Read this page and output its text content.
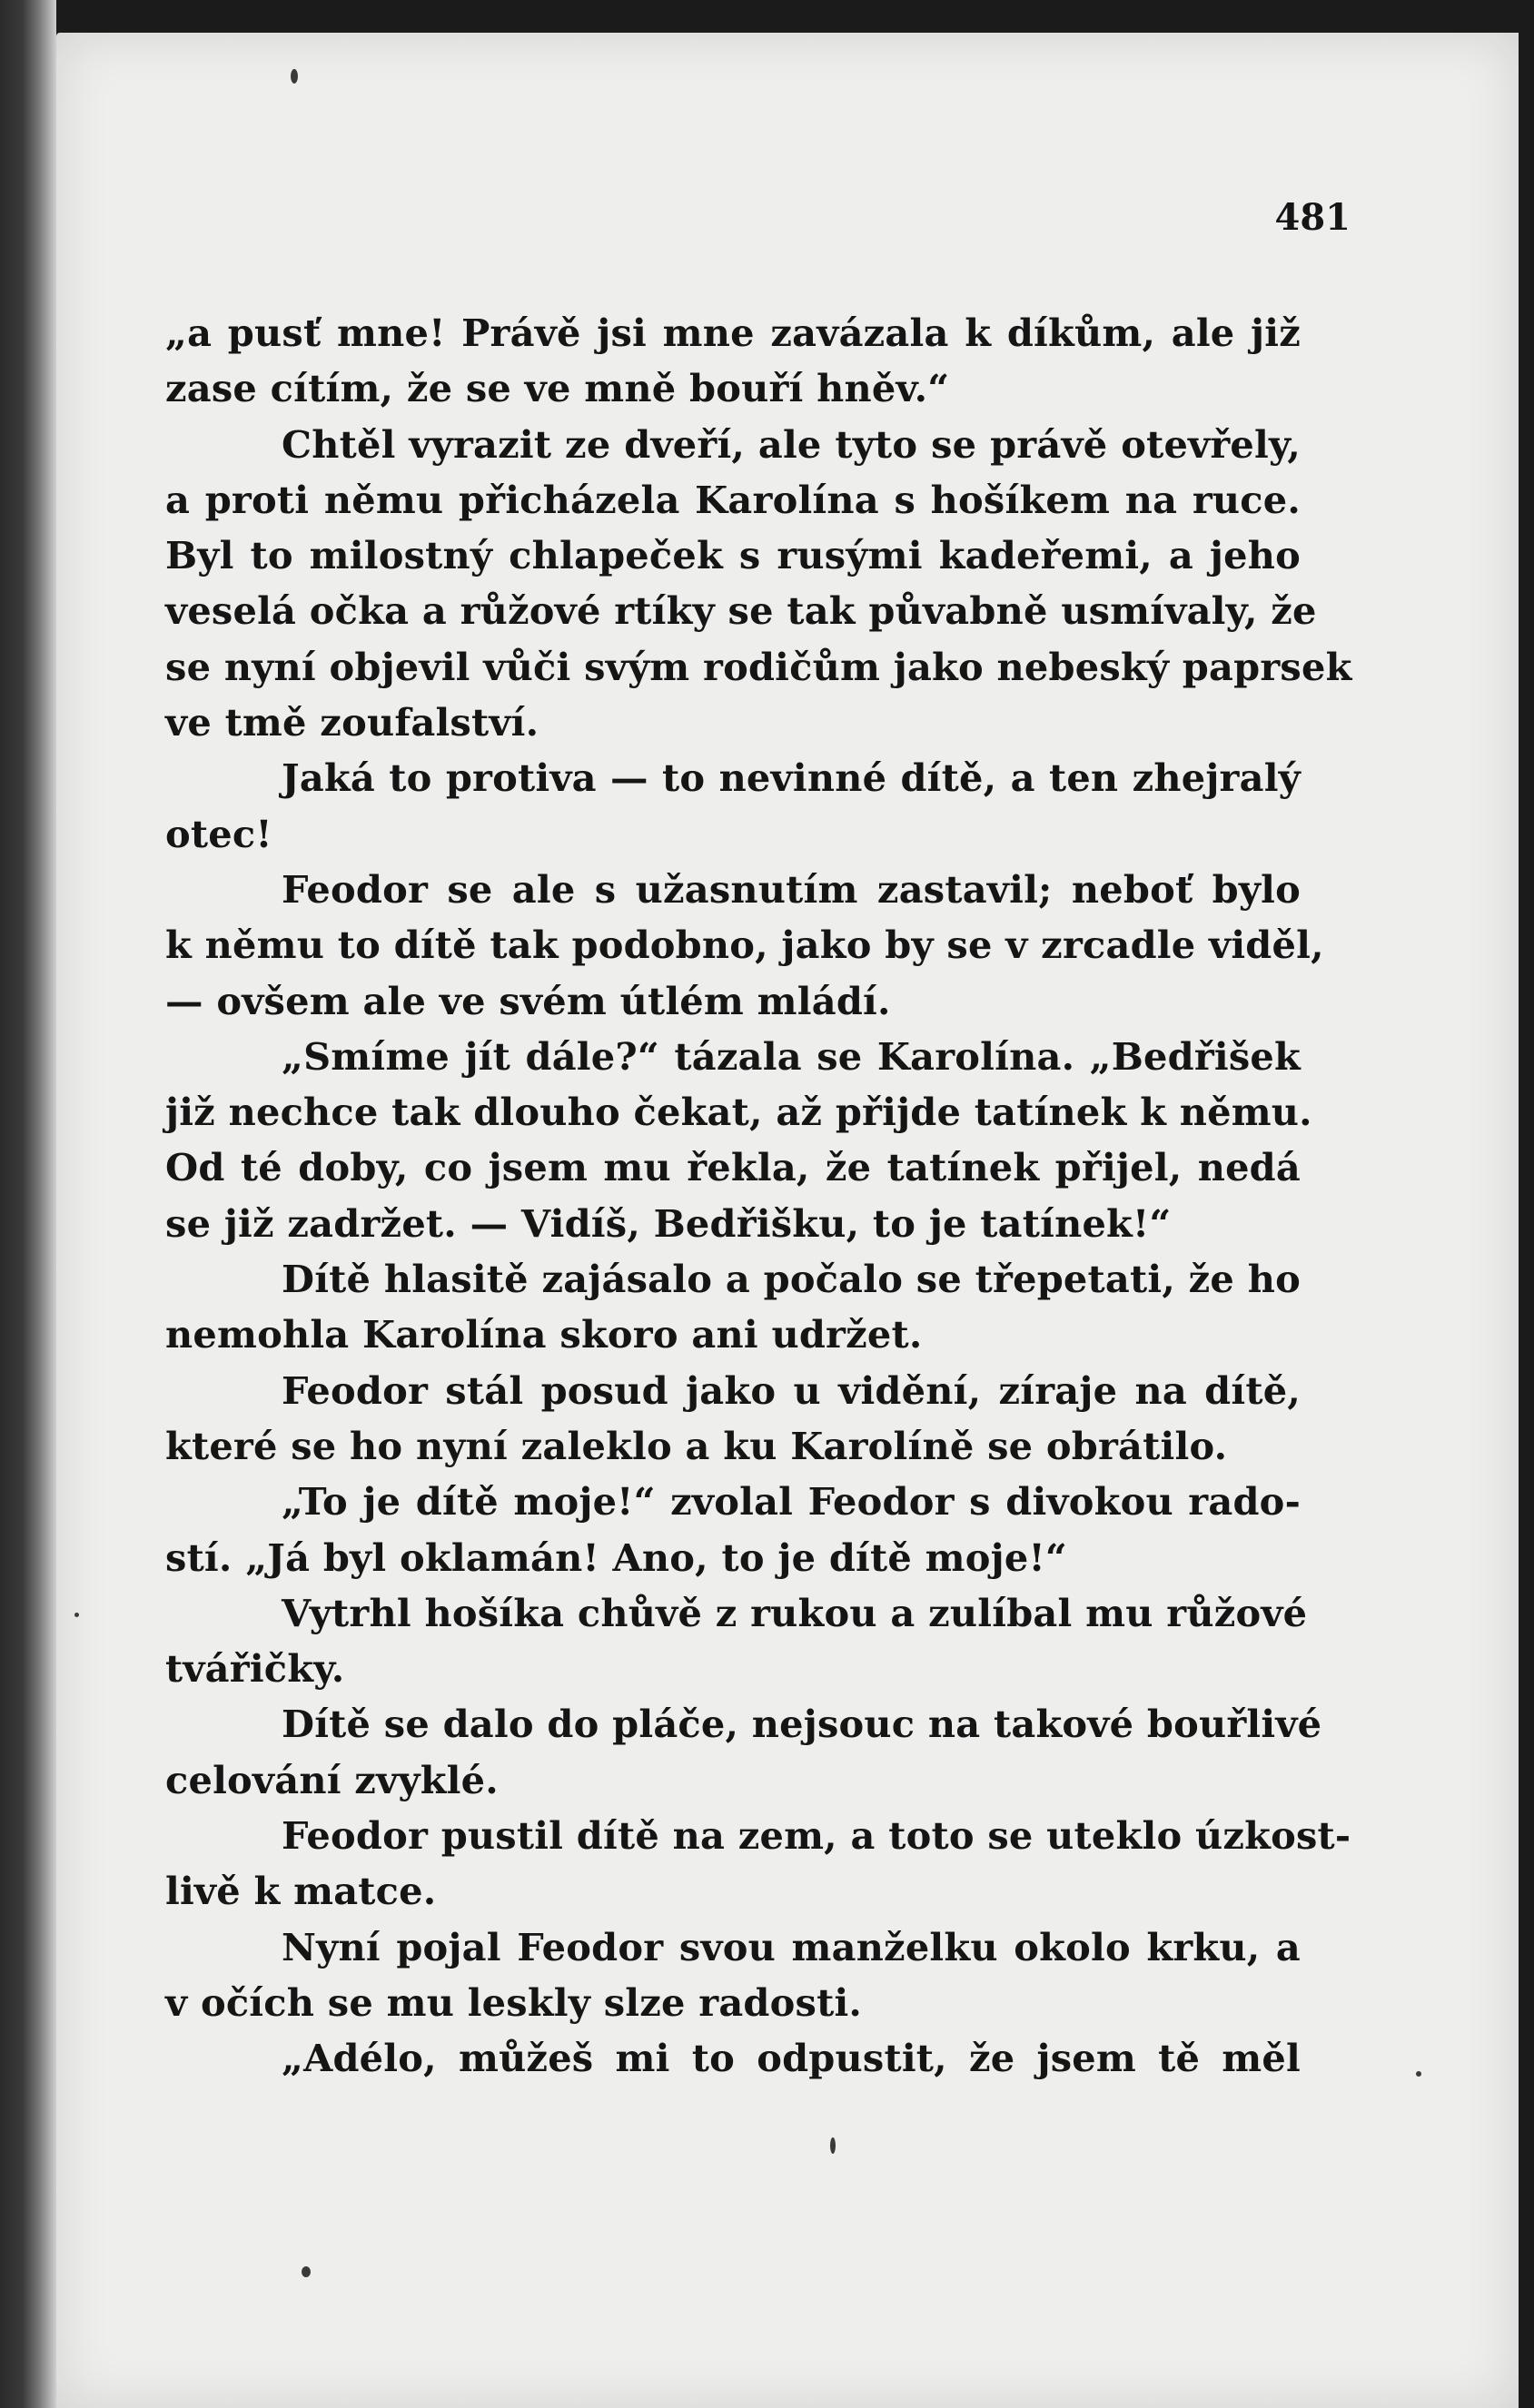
481
„a pusť mne! Právě jsi mne zavázala k díkům, ale již
zase cítím, že se ve mně bouří hněv.“
Chtěl vyrazit ze dveří, ale tyto se právě otevřely,
a proti němu přicházela Karolína s hošíkem na ruce.
Byl to milostný chlapeček s rusými kadeřemi, a jeho
veselá očka a růžové rtíky se tak půvabně usmívaly, že
se nyní objevil vůči svým rodičům jako nebeský paprsek
ve tmě zoufalství.
Jaká to protiva — to nevinné dítě, a ten zhejralý
otec!
Feodor se ale s užasnutím zastavil; neboť bylo
k němu to dítě tak podobno, jako by se v zrcadle viděl,
— ovšem ale ve svém útlém mládí.
„Smíme jít dále?“ tázala se Karolína. „Bedřišek
již nechce tak dlouho čekat, až přijde tatínek k němu.
Od té doby, co jsem mu řekla, že tatínek přijel, nedá
se již zadržet. — Vidíš, Bedřišku, to je tatínek!“
Dítě hlasitě zajásalo a počalo se třepetati, že ho
nemohla Karolína skoro ani udržet.
Feodor stál posud jako u vidění, zíraje na dítě,
které se ho nyní zaleklo a ku Karolíně se obrátilo.
„To je dítě moje!“ zvolal Feodor s divokou rado-
stí. „Já byl oklamán! Ano, to je dítě moje!“
Vytrhl hošíka chůvě z rukou a zulíbal mu růžové
tvářičky.
Dítě se dalo do pláče, nejsouc na takové bouřlivé
celování zvyklé.
Feodor pustil dítě na zem, a toto se uteklo úzkost-
livě k matce.
Nyní pojal Feodor svou manželku okolo krku, a
v očích se mu leskly slze radosti.
„Adélo, můžeš mi to odpustit, že jsem tě měl
